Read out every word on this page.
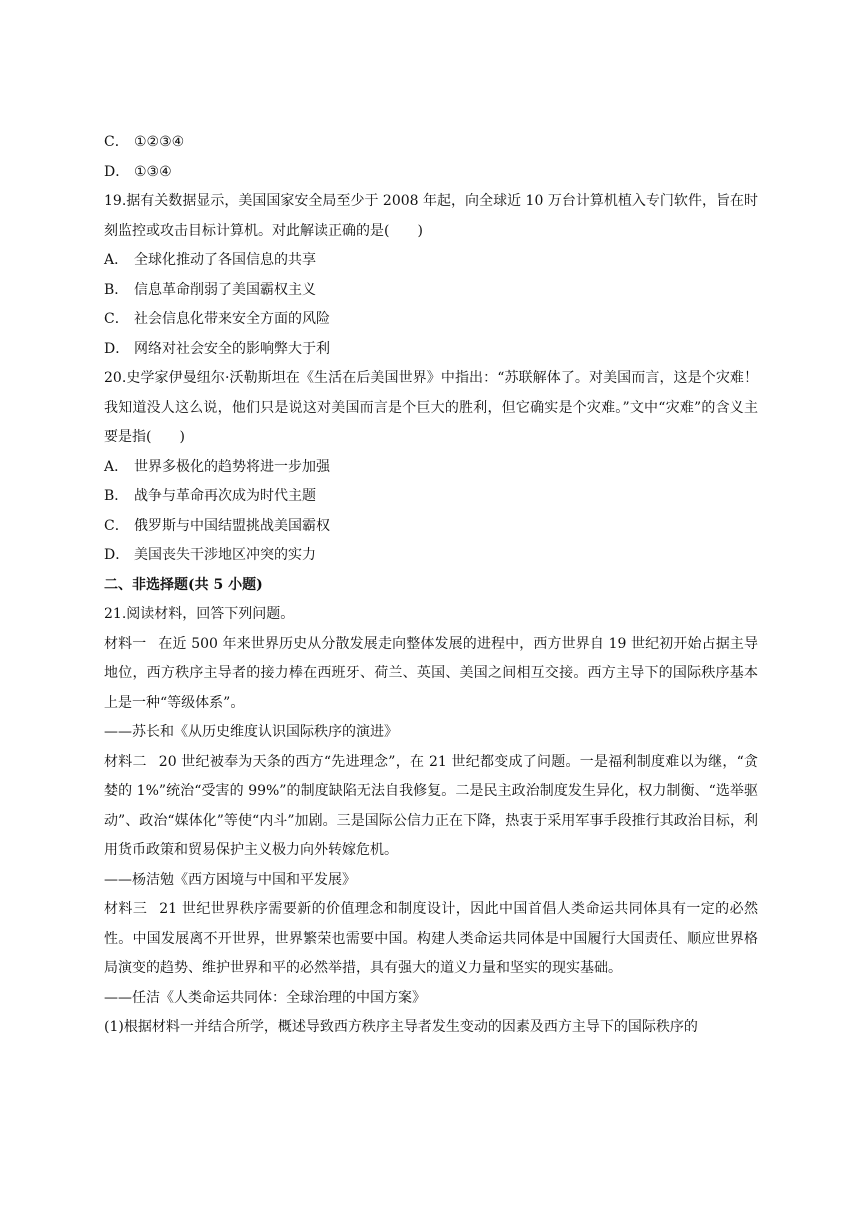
C． ①②③④
D． ①③④
19.据有关数据显示，美国国家安全局至少于 2008 年起，向全球近 10 万台计算机植入专门软件，旨在时刻监控或攻击目标计算机。对此解读正确的是(　　)
A． 全球化推动了各国信息的共享
B． 信息革命削弱了美国霸权主义
C． 社会信息化带来安全方面的风险
D． 网络对社会安全的影响弊大于利
20.史学家伊曼纽尔·沃勒斯坦在《生活在后美国世界》中指出：“苏联解体了。对美国而言，这是个灾难！我知道没人这么说，他们只是说这对美国而言是个巨大的胜利，但它确实是个灾难。”文中“灾难”的含义主要是指(　　)
A． 世界多极化的趋势将进一步加强
B． 战争与革命再次成为时代主题
C． 俄罗斯与中国结盟挑战美国霸权
D． 美国丧失干涉地区冲突的实力
二、非选择题(共 5 小题)
21.阅读材料，回答下列问题。
材料一 在近 500 年来世界历史从分散发展走向整体发展的进程中，西方世界自 19 世纪初开始占据主导地位，西方秩序主导者的接力棒在西班牙、荷兰、英国、美国之间相互交接。西方主导下的国际秩序基本上是一种“等级体系”。
——苏长和《从历史维度认识国际秩序的演进》
材料二 20 世纪被奉为天条的西方“先进理念”，在 21 世纪都变成了问题。一是福利制度难以为继，“贪婪的 1%”统治“受害的 99%”的制度缺陷无法自我修复。二是民主政治制度发生异化，权力制衡、“选举驱动”、政治“媒体化”等使“内斗”加剧。三是国际公信力正在下降，热衷于采用军事手段推行其政治目标，利用货币政策和贸易保护主义极力向外转嫁危机。
——杨洁勉《西方困境与中国和平发展》
材料三 21 世纪世界秩序需要新的价值理念和制度设计，因此中国首倡人类命运共同体具有一定的必然性。中国发展离不开世界，世界繁荣也需要中国。构建人类命运共同体是中国履行大国责任、顺应世界格局演变的趋势、维护世界和平的必然举措，具有强大的道义力量和坚实的现实基础。
——任洁《人类命运共同体：全球治理的中国方案》
(1)根据材料一并结合所学，概述导致西方秩序主导者发生变动的因素及西方主导下的国际秩序的
